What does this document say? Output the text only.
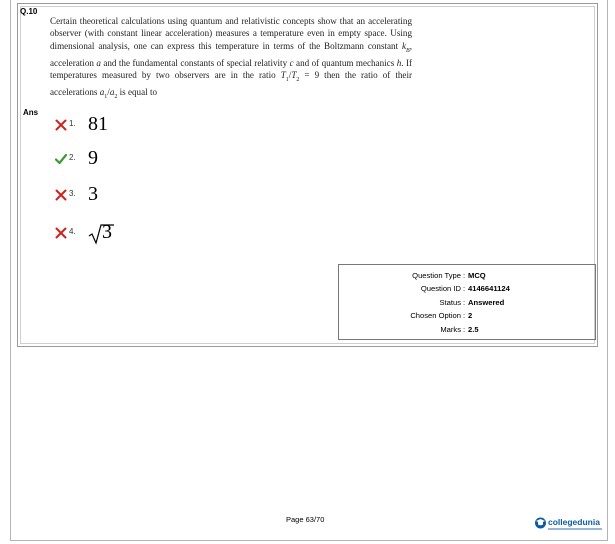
Q.10
Certain theoretical calculations using quantum and relativistic concepts show that an accelerating observer (with constant linear acceleration) measures a temperature even in empty space. Using dimensional analysis, one can express this temperature in terms of the Boltzmann constant $k_B$, acceleration a and the fundamental constants of special relativity c and of quantum mechanics h. If temperatures measured by two observers are in the ratio $T_1/T_2 = 9$ then the ratio of their accelerations $a_1/a_2$ is equal to
Ans
1. 81
2. 9
3. 3
4.	3
Question Type : MCQ
Question ID : 4146641124
Status : Answered
Chosen Option : 2
Marks : 2.5
Page 63/70	collegedunia
